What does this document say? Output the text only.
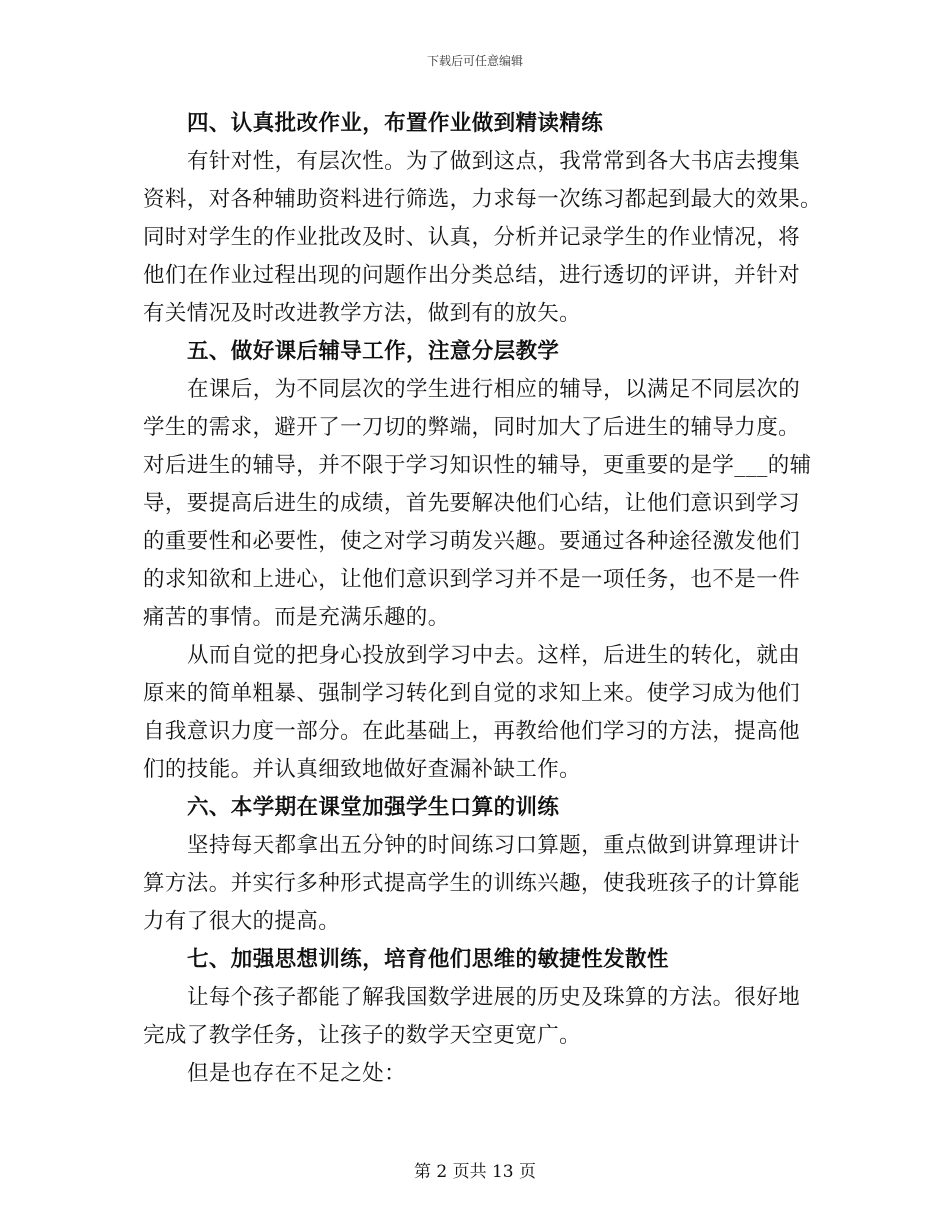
下载后可任意编辑
四、认真批改作业，布置作业做到精读精练
有针对性，有层次性。为了做到这点，我常常到各大书店去搜集
资料，对各种辅助资料进行筛选，力求每一次练习都起到最大的效果。
同时对学生的作业批改及时、认真，分析并记录学生的作业情况，将
他们在作业过程出现的问题作出分类总结，进行透切的评讲，并针对
有关情况及时改进教学方法，做到有的放矢。
五、做好课后辅导工作，注意分层教学
在课后，为不同层次的学生进行相应的辅导，以满足不同层次的
学生的需求，避开了一刀切的弊端，同时加大了后进生的辅导力度。
对后进生的辅导，并不限于学习知识性的辅导，更重要的是学___的辅
导，要提高后进生的成绩，首先要解决他们心结，让他们意识到学习
的重要性和必要性，使之对学习萌发兴趣。要通过各种途径激发他们
的求知欲和上进心，让他们意识到学习并不是一项任务，也不是一件
痛苦的事情。而是充满乐趣的。
从而自觉的把身心投放到学习中去。这样，后进生的转化，就由
原来的简单粗暴、强制学习转化到自觉的求知上来。使学习成为他们
自我意识力度一部分。在此基础上，再教给他们学习的方法，提高他
们的技能。并认真细致地做好查漏补缺工作。
六、本学期在课堂加强学生口算的训练
坚持每天都拿出五分钟的时间练习口算题，重点做到讲算理讲计
算方法。并实行多种形式提高学生的训练兴趣，使我班孩子的计算能
力有了很大的提高。
七、加强思想训练，培育他们思维的敏捷性发散性
让每个孩子都能了解我国数学进展的历史及珠算的方法。很好地
完成了教学任务，让孩子的数学天空更宽广。
但是也存在不足之处：
第 2 页共 13 页
